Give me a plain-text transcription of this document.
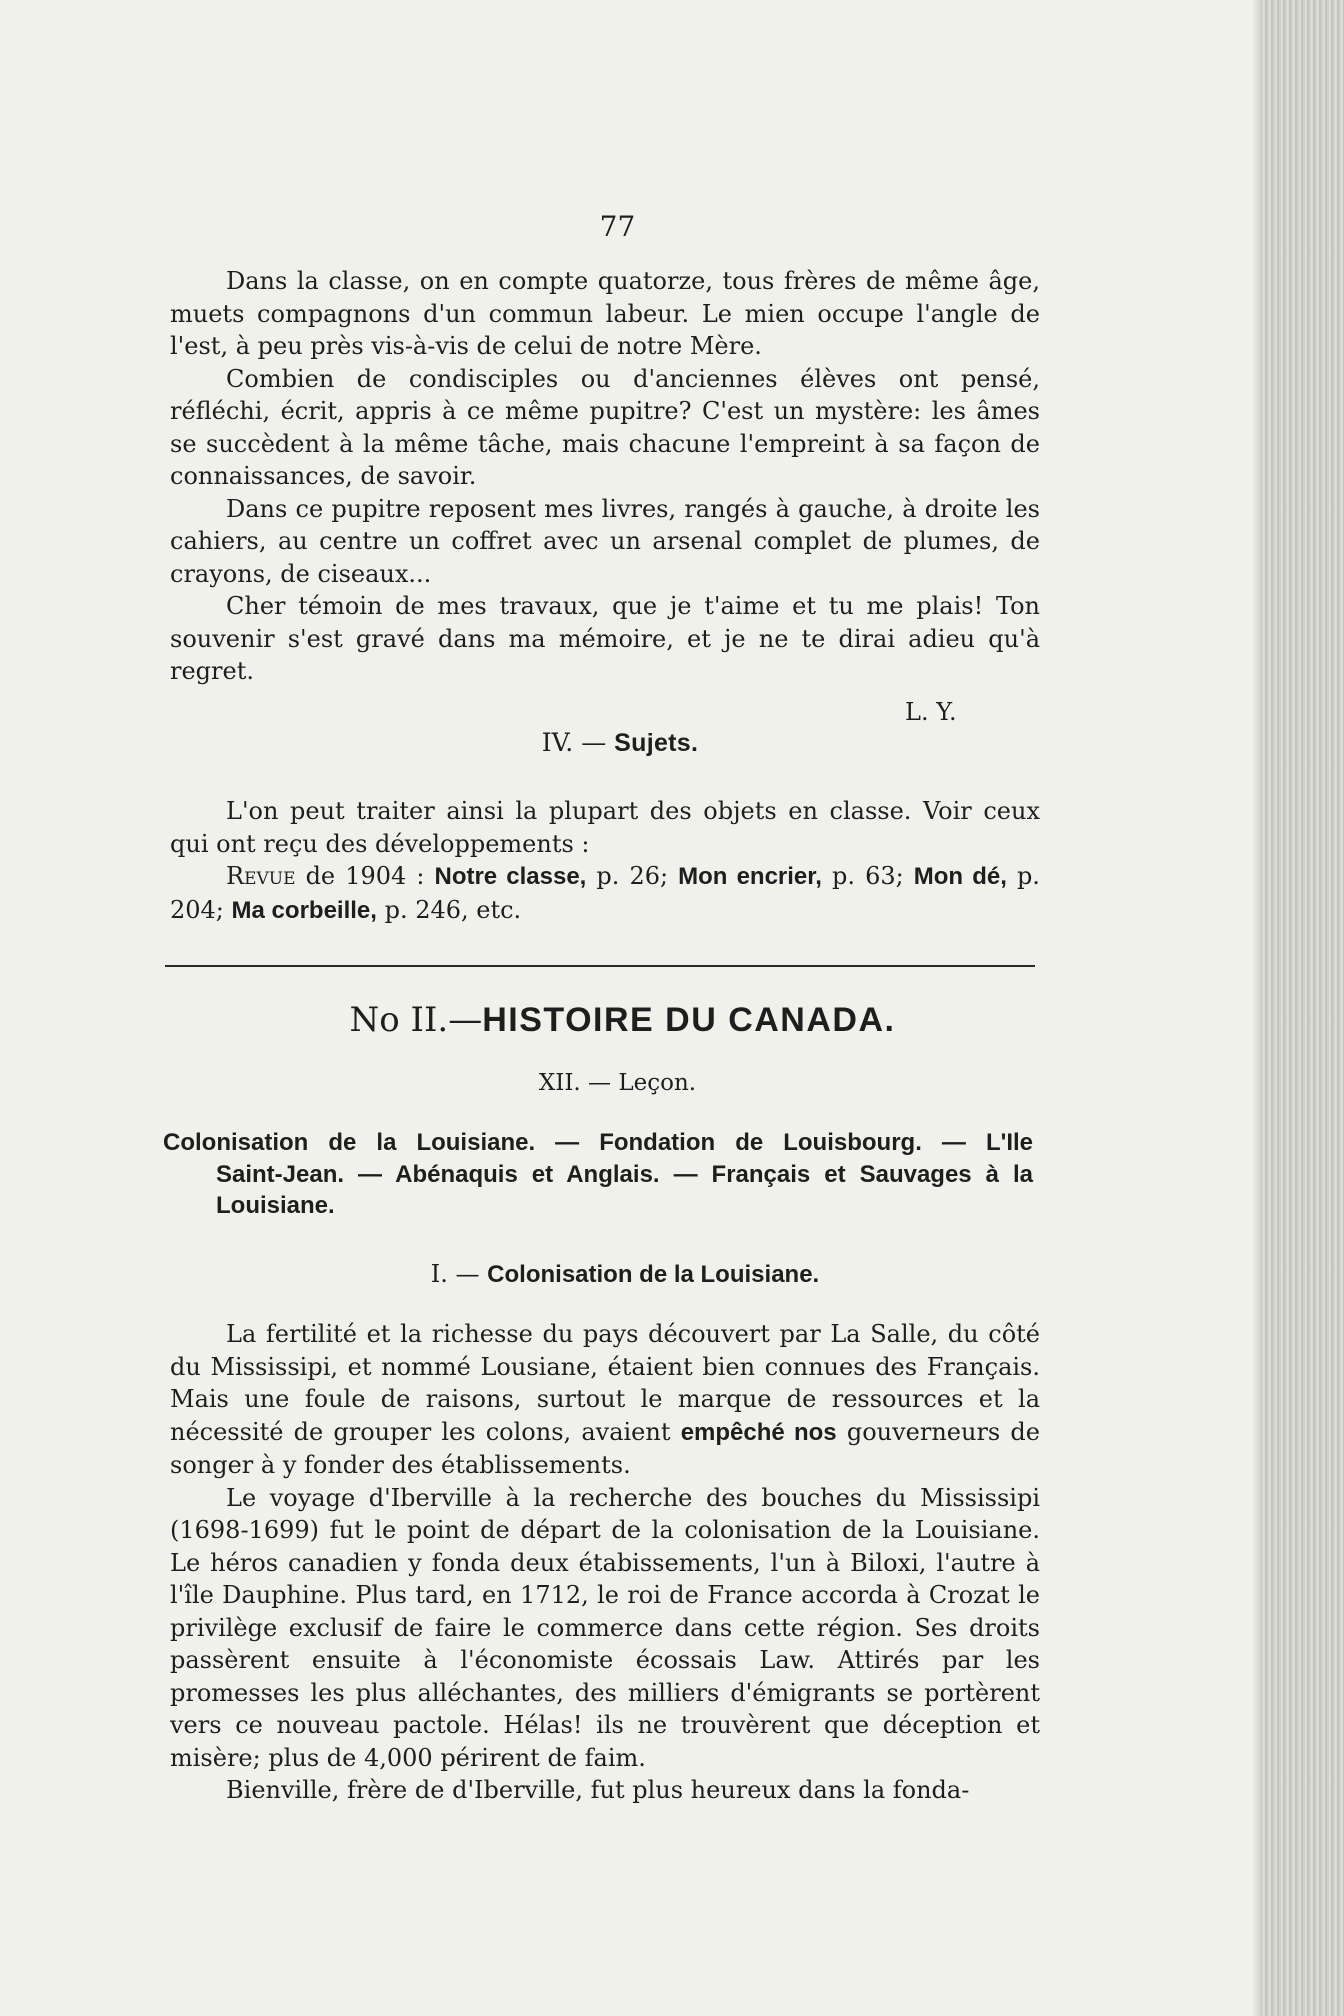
77

Dans la classe, on en compte quatorze, tous frères de même âge, muets compagnons d'un commun labeur. Le mien occupe l'angle de l'est, à peu près vis-à-vis de celui de notre Mère.

Combien de condisciples ou d'anciennes élèves ont pensé, réfléchi, écrit, appris à ce même pupitre? C'est un mystère: les âmes se succèdent à la même tâche, mais chacune l'empreint à sa façon de connaissances, de savoir.

Dans ce pupitre reposent mes livres, rangés à gauche, à droite les cahiers, au centre un coffret avec un arsenal complet de plumes, de crayons, de ciseaux...

Cher témoin de mes travaux, que je t'aime et tu me plais! Ton souvenir s'est gravé dans ma mémoire, et je ne te dirai adieu qu'à regret.

L. Y.
IV. — Sujets.

L'on peut traiter ainsi la plupart des objets en classe. Voir ceux qui ont reçu des développements :

Revue de 1904 : Notre classe, p. 26; Mon encrier, p. 63; Mon dé, p. 204; Ma corbeille, p. 246, etc.

No II.—HISTOIRE DU CANADA.
XII. — Leçon.

Colonisation de la Louisiane. — Fondation de Louisbourg. — L'Ile
Saint-Jean. — Abénaquis et Anglais. — Français et Sauvages à la Louisiane.

I. — Colonisation de la Louisiane.

La fertilité et la richesse du pays découvert par La Salle, du côté du Mississipi, et nommé Lousiane, étaient bien connues des Français. Mais une foule de raisons, surtout le marque de ressources et la nécessité de grouper les colons, avaient empêché nos gouverneurs de songer à y fonder des établissements.

Le voyage d'Iberville à la recherche des bouches du Mississipi (1698-1699) fut le point de départ de la colonisation de la Louisiane. Le héros canadien y fonda deux étabissements, l'un à Biloxi, l'autre à l'île Dauphine. Plus tard, en 1712, le roi de France accorda à Crozat le privilège exclusif de faire le commerce dans cette région. Ses droits passèrent ensuite à l'économiste écossais Law. Attirés par les promesses les plus alléchantes, des milliers d'émigrants se portèrent vers ce nouveau pactole. Hélas! ils ne trouvèrent que déception et misère; plus de 4,000 périrent de faim.

Bienville, frère de d'Iberville, fut plus heureux dans la fonda-
